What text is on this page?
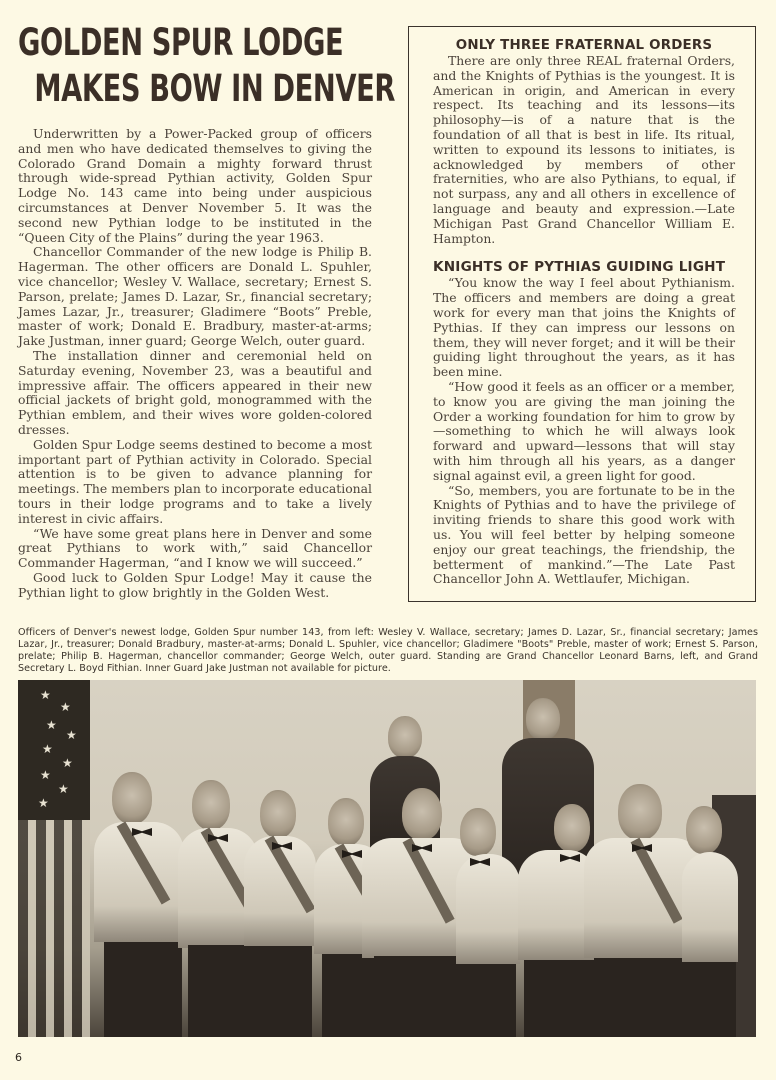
GOLDEN SPUR LODGE
MAKES BOW IN DENVER

Underwritten by a Power-Packed group of officers and men who have dedicated themselves to giving the Colorado Grand Domain a mighty forward thrust through wide-spread Pythian activity, Golden Spur Lodge No. 143 came into being under auspicious circumstances at Denver November 5. It was the second new Pythian lodge to be instituted in the “Queen City of the Plains” during the year 1963.

Chancellor Commander of the new lodge is Philip B. Hagerman. The other officers are Donald L. Spuhler, vice chancellor; Wesley V. Wallace, secretary; Ernest S. Parson, prelate; James D. Lazar, Sr., financial secretary; James Lazar, Jr., treasurer; Gladimere “Boots” Preble, master of work; Donald E. Bradbury, master-at-arms; Jake Justman, inner guard; George Welch, outer guard.

The installation dinner and ceremonial held on Saturday evening, November 23, was a beautiful and impressive affair. The officers appeared in their new official jackets of bright gold, monogrammed with the Pythian emblem, and their wives wore golden-colored dresses.

Golden Spur Lodge seems destined to become a most important part of Pythian activity in Colorado. Special attention is to be given to advance planning for meetings. The members plan to incorporate educational tours in their lodge programs and to take a lively interest in civic affairs.

“We have some great plans here in Denver and some great Pythians to work with,” said Chancellor Commander Hagerman, “and I know we will succeed.”

Good luck to Golden Spur Lodge! May it cause the Pythian light to glow brightly in the Golden West.

ONLY THREE FRATERNAL ORDERS

There are only three REAL fraternal Orders, and the Knights of Pythias is the youngest. It is American in origin, and American in every respect. Its teaching and its lessons—its philosophy—is of a nature that is the foundation of all that is best in life. Its ritual, written to expound its lessons to initiates, is acknowledged by members of other fraternities, who are also Pythians, to equal, if not surpass, any and all others in excellence of language and beauty and expression.—Late Michigan Past Grand Chancellor William E. Hampton.

KNIGHTS OF PYTHIAS GUIDING LIGHT

“You know the way I feel about Pythianism. The officers and members are doing a great work for every man that joins the Knights of Pythias. If they can impress our lessons on them, they will never forget; and it will be their guiding light throughout the years, as it has been mine.

“How good it feels as an officer or a member, to know you are giving the man joining the Order a working foundation for him to grow by—something to which he will always look forward and upward—lessons that will stay with him through all his years, as a danger signal against evil, a green light for good.

“So, members, you are fortunate to be in the Knights of Pythias and to have the privilege of inviting friends to share this good work with us. You will feel better by helping someone enjoy our great teachings, the friendship, the betterment of mankind.”—The Late Past Chancellor John A. Wettlaufer, Michigan.

Officers of Denver's newest lodge, Golden Spur number 143, from left: Wesley V. Wallace, secretary; James D. Lazar, Sr., financial secretary; James Lazar, Jr., treasurer; Donald Bradbury, master-at-arms; Donald L. Spuhler, vice chancellor; Gladimere "Boots" Preble, master of work; Ernest S. Parson, prelate; Philip B. Hagerman, chancellor commander; George Welch, outer guard. Standing are Grand Chancellor Leonard Barns, left, and Grand Secretary L. Boyd Fithian. Inner Guard Jake Justman not available for picture.
★
★
★
★
★
★
★
★
★
6
